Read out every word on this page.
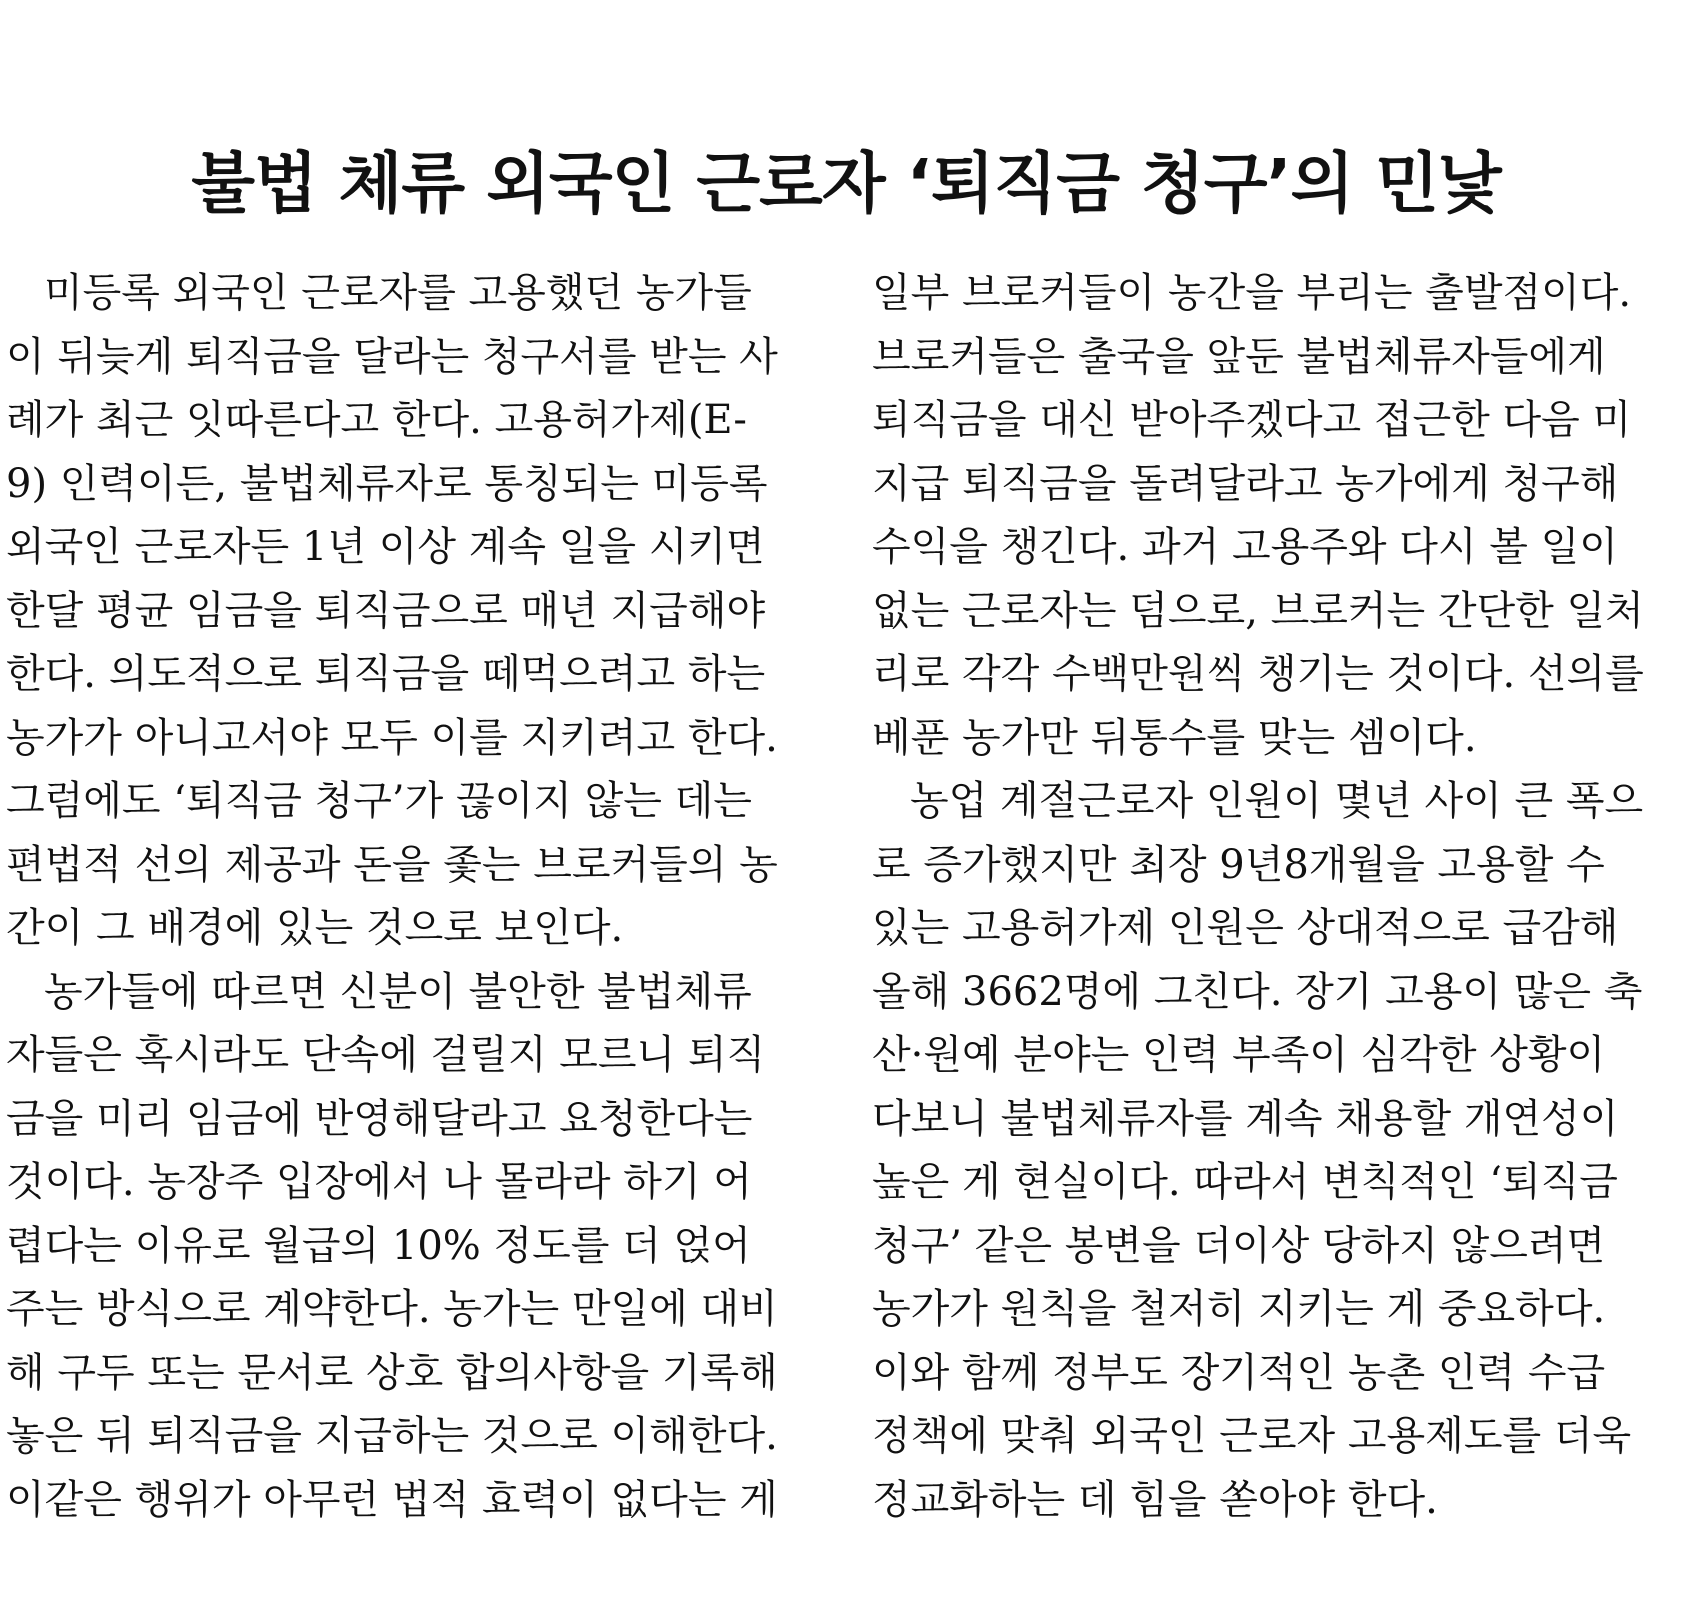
불법 체류 외국인 근로자 ‘퇴직금 청구’의 민낯
미등록 외국인 근로자를 고용했던 농가들
이 뒤늦게 퇴직금을 달라는 청구서를 받는 사
례가 최근 잇따른다고 한다. 고용허가제(E-
9) 인력이든, 불법체류자로 통칭되는 미등록
외국인 근로자든 1년 이상 계속 일을 시키면
한달 평균 임금을 퇴직금으로 매년 지급해야
한다. 의도적으로 퇴직금을 떼먹으려고 하는
농가가 아니고서야 모두 이를 지키려고 한다.
그럼에도 ‘퇴직금 청구’가 끊이지 않는 데는
편법적 선의 제공과 돈을 좇는 브로커들의 농
간이 그 배경에 있는 것으로 보인다.
농가들에 따르면 신분이 불안한 불법체류
자들은 혹시라도 단속에 걸릴지 모르니 퇴직
금을 미리 임금에 반영해달라고 요청한다는
것이다. 농장주 입장에서 나 몰라라 하기 어
렵다는 이유로 월급의 10% 정도를 더 얹어
주는 방식으로 계약한다. 농가는 만일에 대비
해 구두 또는 문서로 상호 합의사항을 기록해
놓은 뒤 퇴직금을 지급하는 것으로 이해한다.
이같은 행위가 아무런 법적 효력이 없다는 게
일부 브로커들이 농간을 부리는 출발점이다.
브로커들은 출국을 앞둔 불법체류자들에게
퇴직금을 대신 받아주겠다고 접근한 다음 미
지급 퇴직금을 돌려달라고 농가에게 청구해
수익을 챙긴다. 과거 고용주와 다시 볼 일이
없는 근로자는 덤으로, 브로커는 간단한 일처
리로 각각 수백만원씩 챙기는 것이다. 선의를
베푼 농가만 뒤통수를 맞는 셈이다.
농업 계절근로자 인원이 몇년 사이 큰 폭으
로 증가했지만 최장 9년8개월을 고용할 수
있는 고용허가제 인원은 상대적으로 급감해
올해 3662명에 그친다. 장기 고용이 많은 축
산·원예 분야는 인력 부족이 심각한 상황이
다보니 불법체류자를 계속 채용할 개연성이
높은 게 현실이다. 따라서 변칙적인 ‘퇴직금
청구’ 같은 봉변을 더이상 당하지 않으려면
농가가 원칙을 철저히 지키는 게 중요하다.
이와 함께 정부도 장기적인 농촌 인력 수급
정책에 맞춰 외국인 근로자 고용제도를 더욱
정교화하는 데 힘을 쏟아야 한다.
